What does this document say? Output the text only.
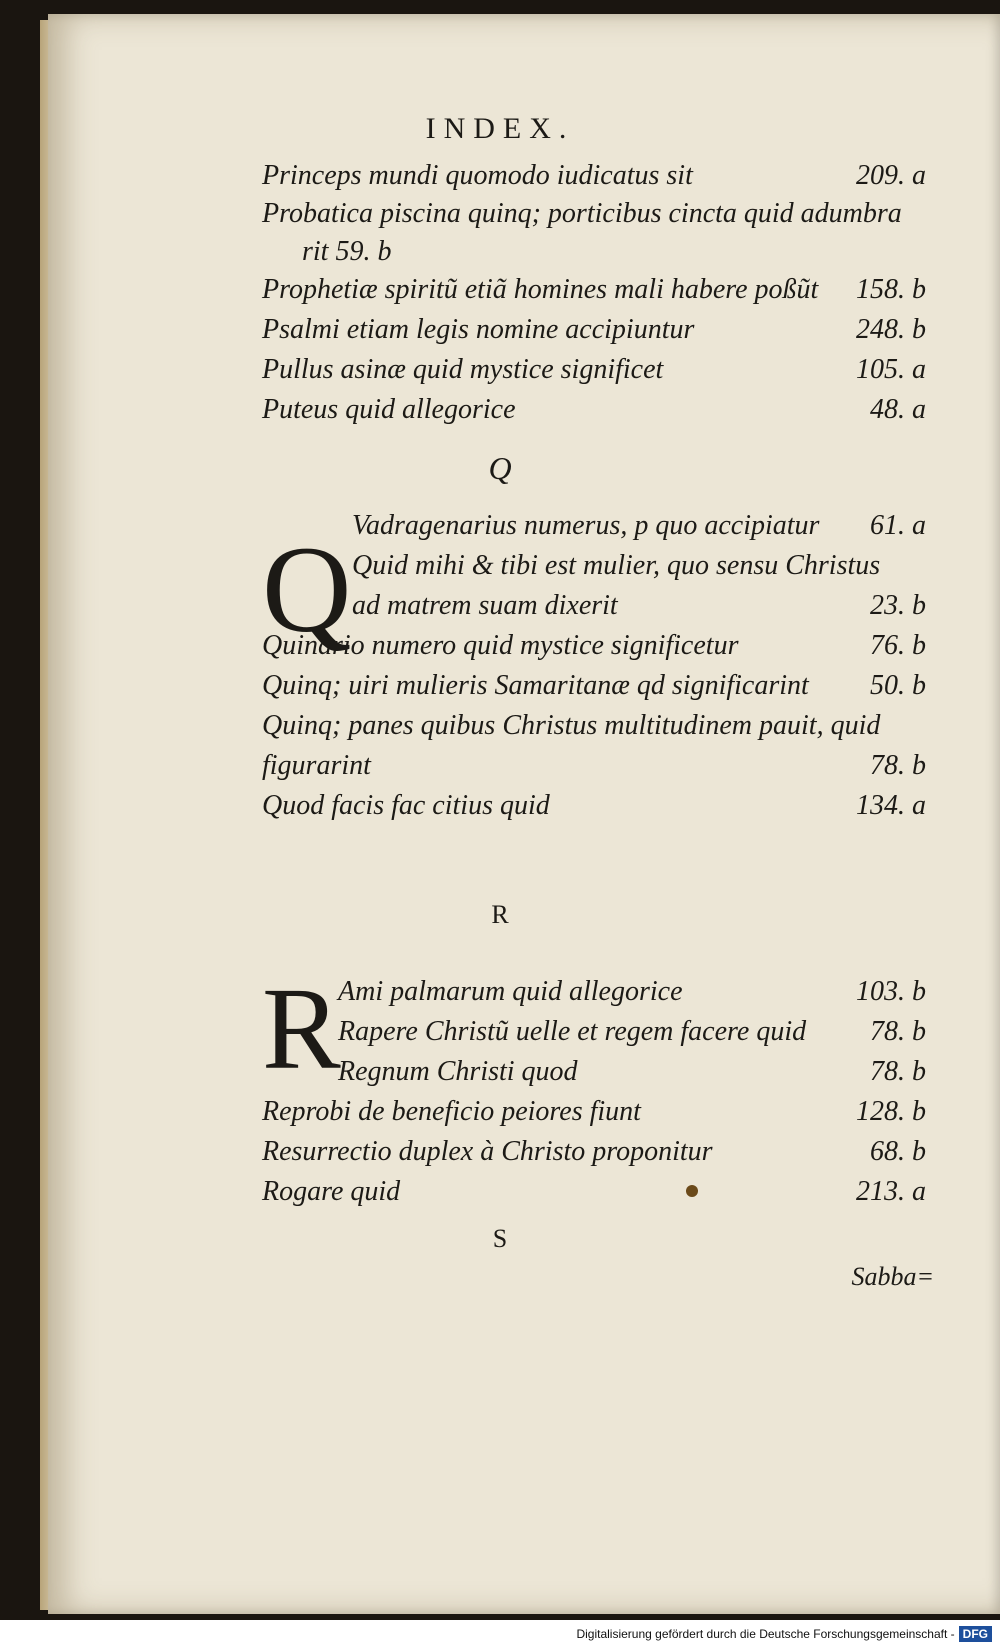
INDEX.
Princeps mundi quomodo iudicatus sit	209. a
Probatica piscina quinq; porticibus cincta quid adumbra
rit 59. b
Prophetiæ spiritũ etiã homines mali habere poßũt 158. b
Psalmi etiam legis nomine accipiuntur	248. b
Pullus asinæ quid mystice significet	105. a
Puteus quid allegorice	48. a
Q
Q Vadragenarius numerus, p quo accipiatur 61. a
Quid mihi & tibi est mulier, quo sensu Christus
ad matrem suam dixerit	23. b
Quinario numero quid mystice significetur	76. b
Quinq; uiri mulieris Samaritanæ qd significarint 50. b
Quinq; panes quibus Christus multitudinem pauit, quid
figurarint	78. b
Quod facis fac citius quid	134. a
R
R
Ami palmarum quid allegorice	103. b
Rapere Christũ uelle et regem facere quid 78. b
Regnum Christi quod	78. b
Reprobi de beneficio peiores fiunt	128. b
Resurrectio duplex à Christo proponitur	68. b
Rogare quid	213. a
S
Sabba=
Digitalisierung gefördert durch die Deutsche Forschungsgemeinschaft - DFG
